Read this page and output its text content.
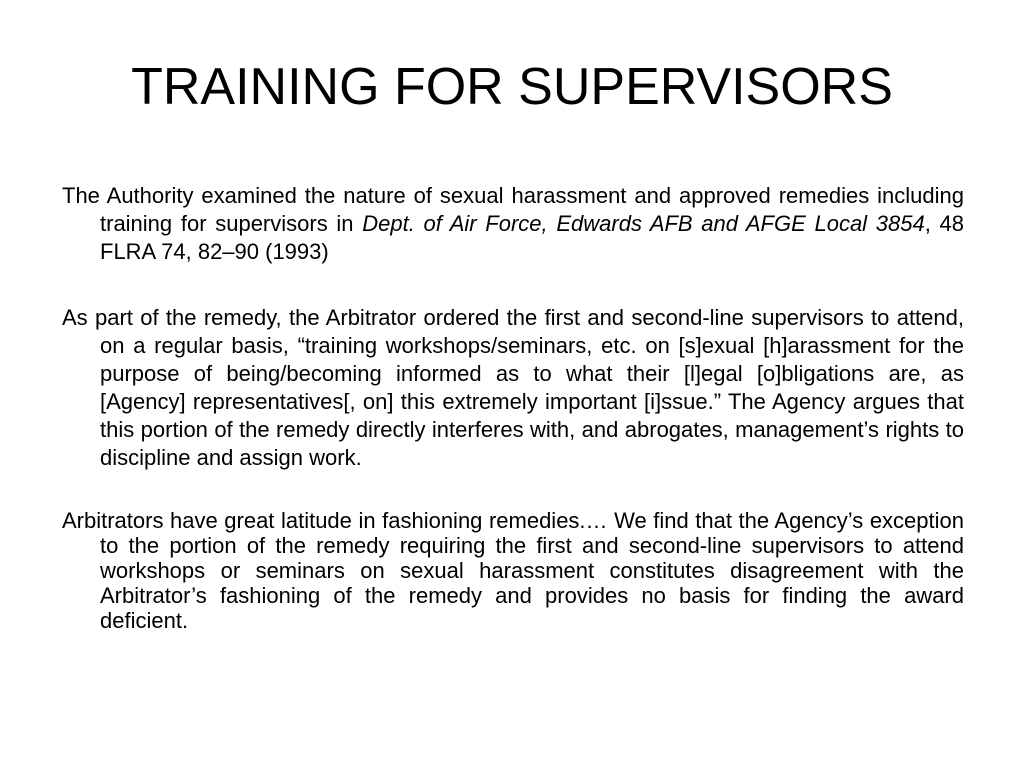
TRAINING FOR SUPERVISORS

The Authority examined the nature of sexual harassment and approved remedies including training for supervisors in Dept. of Air Force, Edwards AFB and AFGE Local 3854, 48 FLRA 74, 82–90 (1993)

As part of the remedy, the Arbitrator ordered the first and second-line supervisors to attend, on a regular basis, “training workshops/seminars, etc. on [s]exual [h]arassment for the purpose of being/becoming informed as to what their [l]egal [o]bligations are, as [Agency] representatives[, on] this extremely important [i]ssue.” The Agency argues that this portion of the remedy directly interferes with, and abrogates, management’s rights to discipline and assign work.

Arbitrators have great latitude in fashioning remedies.… We find that the Agency’s exception to the portion of the remedy requiring the first and second-line supervisors to attend workshops or seminars on sexual harassment constitutes disagreement with the Arbitrator’s fashioning of the remedy and provides no basis for finding the award deficient.
